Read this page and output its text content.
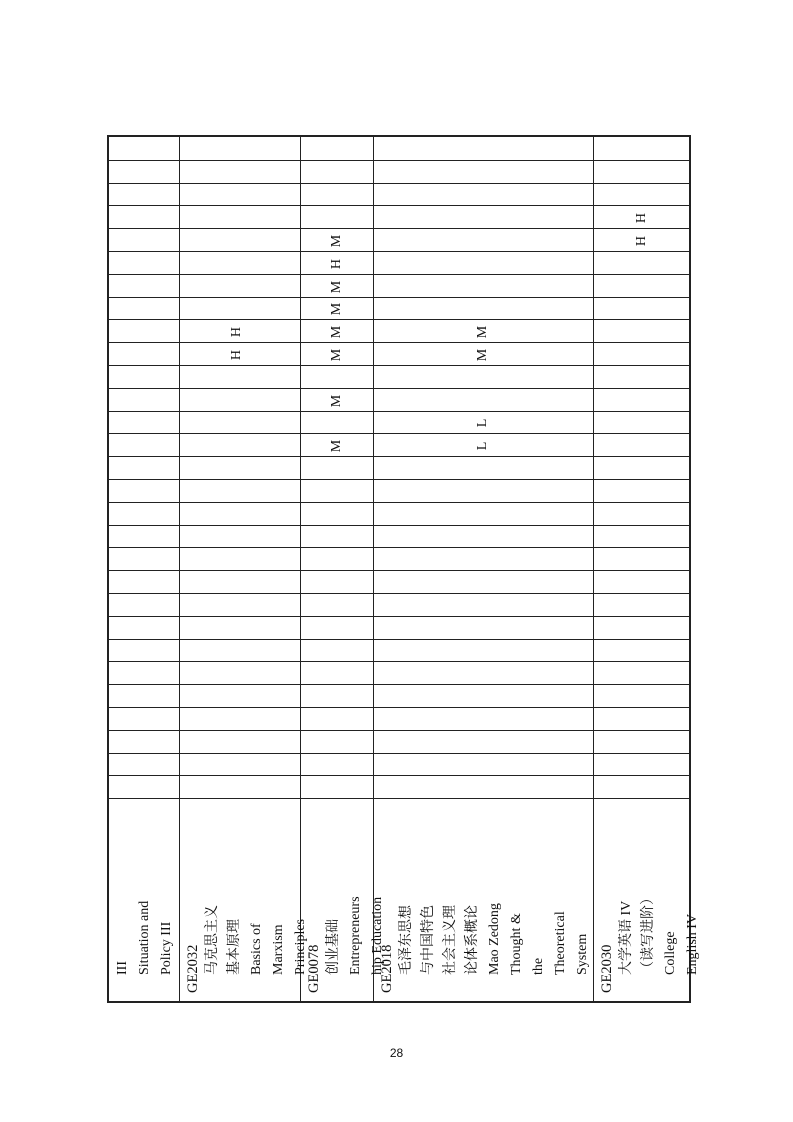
III Situation and Policy III GE2032 马克思主义 基本原理 Basics of Marxism Principles
GE0078 创业基础 Entrepreneurs hip Education
GE2018 毛泽东思想 与中国特色 社会主义理 论体系概论 Mao Zedong Thought & the Theoretical System GE2030 大学英语 IV （读写进阶） College English IV
H
H
M
H
M
M
M
M
M
M
M
M
L
L
H
H
28
